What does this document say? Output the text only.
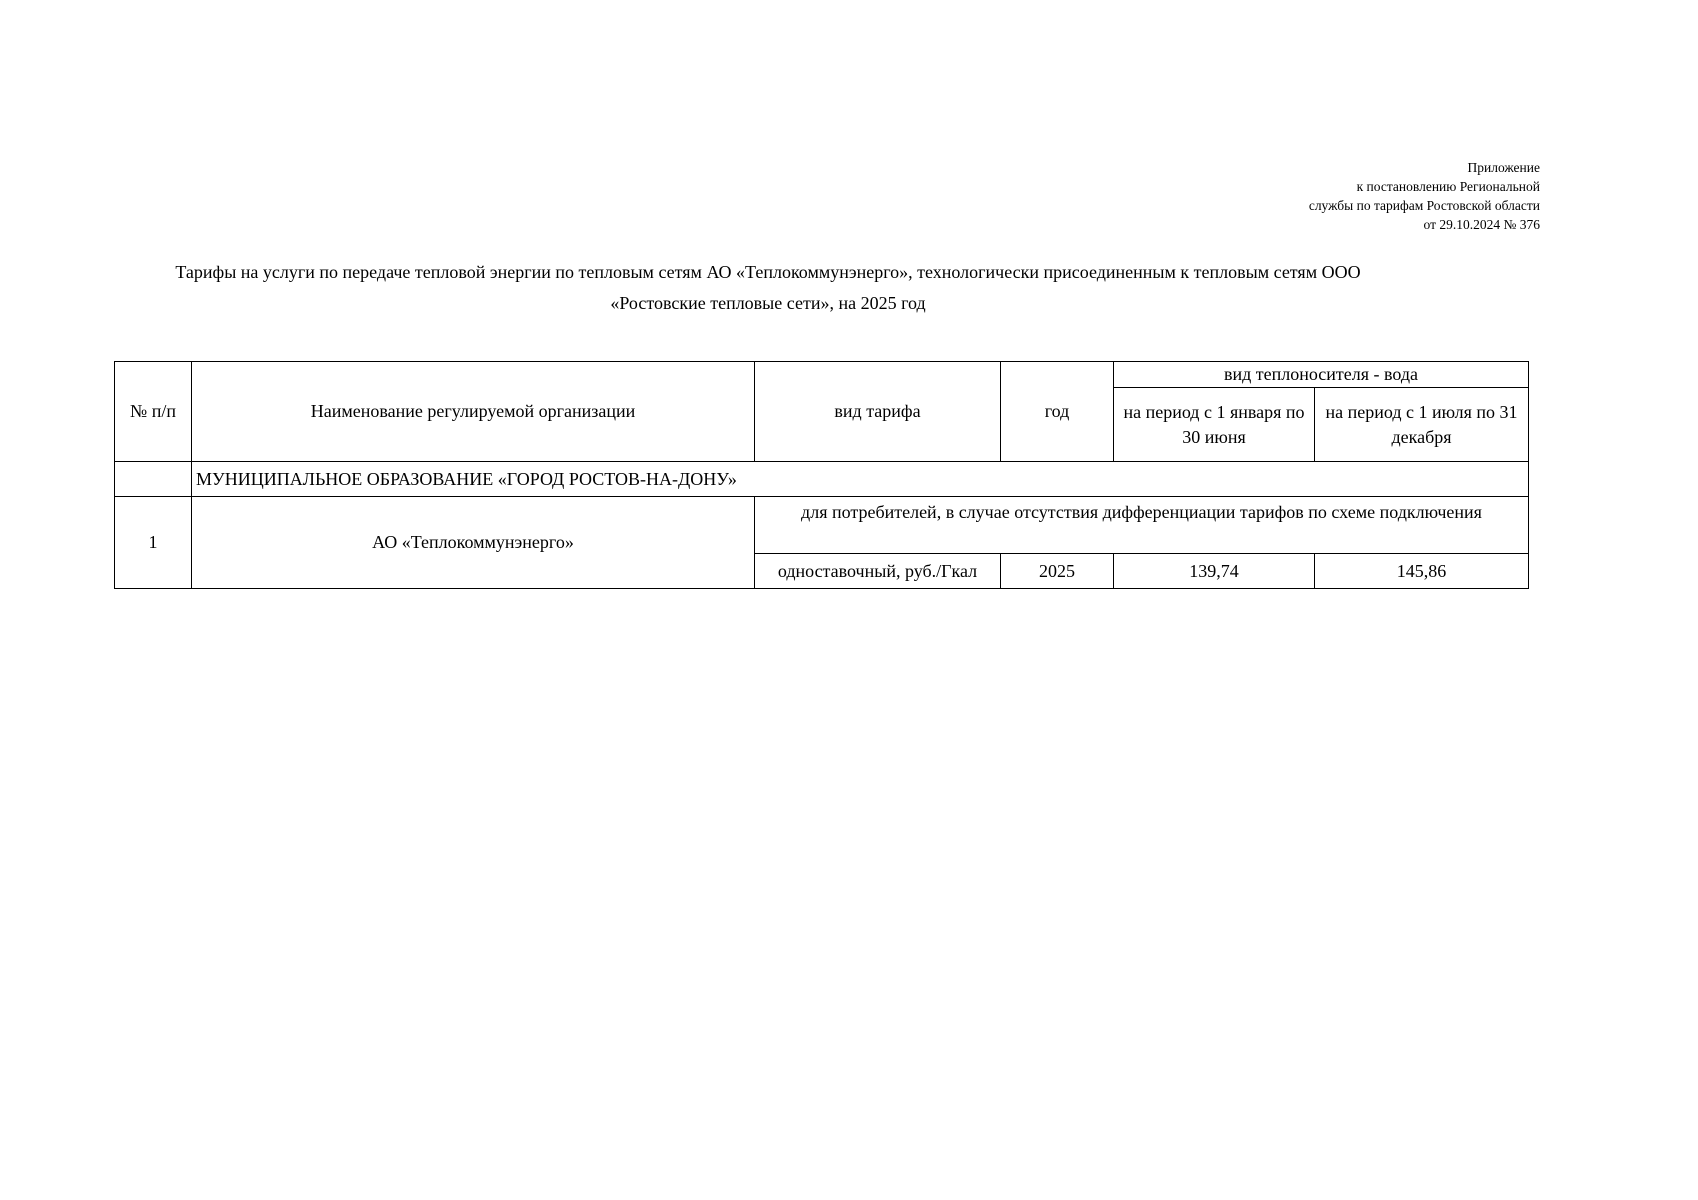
Приложение
к постановлению Региональной
службы по тарифам Ростовской области
от 29.10.2024 № 376
Тарифы на услуги по передаче тепловой энергии по тепловым сетям АО «Теплокоммунэнерго», технологически присоединенным к тепловым сетям ООО
«Ростовские тепловые сети», на 2025 год
№ п/п	Наименование регулируемой организации	вид тарифа	год	вид теплоносителя - вода	
				на период с 1 января по 30 июня	на период с 1 июля по 31 декабря
	МУНИЦИПАЛЬНОЕ ОБРАЗОВАНИЕ «ГОРОД РОСТОВ-НА-ДОНУ»				
1	АО «Теплокоммунэнерго»	для потребителей, в случае отсутствия дифференциации тарифов по схеме подключения			
		одноставочный, руб./Гкал	2025	139,74	145,86
